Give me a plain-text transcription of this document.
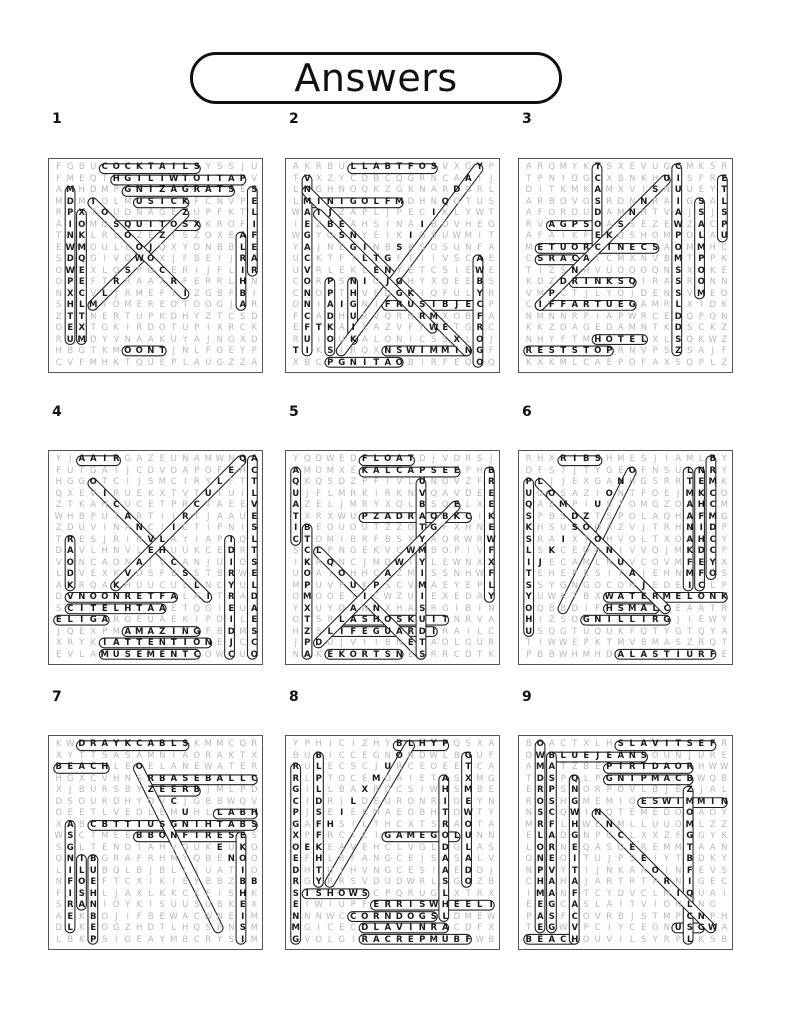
Answers
1
F G B U C O C K T A I L S Y S S J U
F M E Q T H G I L I W T O I T A P V
A M H D M P G N I Z A G R A T S E S
M D M I O L M U S I C K F C N V P E
R P X T O U D N A G E Z U P F K T L
A I O M O S Q U I T O S X K R O F I
T N K L R L O Z E Z I S Z O X E A F
E W M O U L L O J Q X Y D N B B L E
S D Q G I V O W O X J F B E I	J R A
O W E X L Q S P O C E R I	J F L I R
O P E F T R R A A X R F E R R L H N
N X C V L J R M E F T I Z G B F B I
S H L M T O M E R E O T O O G J A R
Z T T N E R T U P K D H Y Z T C S D
O E X T G K I R D O T U P I X R C K
R U M D Y V N A A K U Y A J N G X D
H B G T K M O O N T J N L F O E Y P
C V F M H K T Q U E P L A U G Z Z A
2
A K R B U L L A B T F O S V X G Y P
T V X Z Y C D B C Q G R N C A A I	J
L N G H N O Q K Z G K N A R D G R L
L M I N I G O L F M D H N Q O T U S
W A I J Z A P L J P E C I K L Y W T
I E Z B E A H S I N A I B O V H E G
W G Y O S N Y E I K I G S U W M I T
Y A J N E G I N B S K S O S U N F A
U C K T F I L T G F T I	I V S C A E
U V R L E K L E N Y E T C S I E W E
C O R P S N I O J G H Y X O E E B S
C N O P T H V F D G K I Q F U L Y R
O N I A I G N I F R U S I B J E C P
F C A D H U R V Q R H R M X O B F A
E F T K A I X A Z V F P W E T G R C
R U I O U K A L O N I C S S X L O J
T I K S I R Q X N S W I M M I N G F
X B C P G N I T A O B I R F E Q O Q
3
A R Q M Y K T S X E V U G C M K S R
T P N I D G C X B N K H U I S F R E
D I T K M K A M X V I S N U U E Y T
A R B O V O S R D N N R A I G S A L
A F O R D U D A M N H T V A J S J S
R V A G P S O A S S E Z E W Z A C P
A F A I K F E K Q S H O M P O L A U
M E T U O R C I N E C S A O M M H C
C S R A C A T C M X N V B M T P P K
T I Z S N H V U O Q O Q N S X O K E
K D Z D R I N K S Q I R A S R O N N
V M P C T J L Y O J D E N S V M E O
C I F F A R T U E G A M R L X I D K
N M N N R P I A P W R C E D Q P Q N
K K Z O A G E D A M N T K D S C K Z
N H Y F T M H O T E L X L S Q K W Z
R E S T S T O P R N V P S Z S A J F
K X K M L C A E P O F A X S Q P L Z
4
Y J A A I R G A Z E U N A M W N Q A
F U T G A I	J C D V O A P O F E H C
H G G O T C I	J S M C I R Y L F T T
Q X E V I R U E K X T V T U T U I L
Z T K A H C U C E T P R C T A E E V
W H B P U T A R T I	I R T J A A U E
Z D U V I N A N C I	I C T I P N I S
T R E S J R I N V L A Y I A P I Q L
D A V L H N V L E H U U K C E D R T
V O N C A O N A J V C A N J U I O S
L D V E X K V D S F E S S T B R W E
A K R Q A K H U U C U L L N C Y U L
D V N O O N R E T F A L A I T R A D
S C I T E L H T A A E T Q G I E U A
E L I G A R O E U A E K I P D I L E
J Q E X P M A M A Z I N G F B D M S
X R Y K I A T T E N T I O N E J C C
E V L A M U S E M E N T C O W C U O
5
Y Q D W E D F L O A T D J V D R S J
A M O M X E K A L C A P S E E P H B
Q K Q S D Z P F I V L U N O V Z F R
U J F L M R K I R K N V Q A V D E E
A Z E L J M R Y X Q L B S O E L X E
T X R X W U P Z A D R A O B K C I K
I B E O U O U T Z Z O T G F X H N E
C T O M I B R F B S X Y A Q R W R W
S C L P N G E K V C W M B O P I V F
I K R Q N C J M D W I Y L E W N X X
U O A I O H H C A Z M I S S N H W F
M P U V P U K P S C V M A E Y E P L
O M O O E I	I C W Z U I E X E D A Y
Y X U Y D A W N X H A S R G I B I N
O T S P L A S H O S K U I T N R V A
H Z S L I F E G U A R D I R A I L C
J P D U J V I	I B N E T A O L G U R
N A K E K O R T S N E S R R C D T K
6
R H X R I B S H M E S J	I A M L B Y
D F S T J T Y G E O F N S U L N R Y
P L J	J E X G A N H G S R R T E M K
U O O S A Z I O N T F O E J M K C O
Q A E M P I U S T O M G Z O A H C M
S P B S D Z T S P O L A Q H A F M G
K H S U S O O A Z V J T R H N I D P
S R A I X T O H V O L T X O A H C Y
L S K C E O R N I V V Q J M K D C P
I J E C A M L R U V C O V M F E Y X
T E H E P E S I T A J E H N M F O S
S S Y G N G O C O H J E D E I C L P
Y U W K T B X W A T E R M E L O N K
O Q B B D I F H S M A L C E A A T R
H I Z S O G N I L L I R G J	I E W Y
U S Q G T U Q U K F Q T Y G T Q Y A
T I W W E P K T M V B M A S Z R Q T
P B B W H M H D A L A S T I U R F E
7
K W D R A Y K C A B L S K M M C Q R
X Y T T S A S A M N I A O R A K T X
B E A C H L E O E L A N E W A T E R
H G X C V H N S R B A S E B A L L C
X J B U R S B Y Z E E R B J M L P D
D S O U R D H Y O V C J G B B W Q V
O E E T L V E D L E M U H L L A B H
X A B C B T T I U S G N I H T A B S
W S C T M E E B B O N F I R E S E S
S G L T E N O I A H V Q U K E U K O
Q N I B G R A F R H M Y Q B E N O O
L I L U B Q L B J B L L I U A T I O
N F O E F T C X I K I E Y B B Z B B
F I S H L J A X L K K C K F I S H K
S R A N I O Y K I S U U S U B K E X
A E K B O J	I F B E W A C W N E I M
D L K E O G Z H D T L H Q S P N S M
L B K P S I G E A Y M B C R Y S I M
8
Y P H I C I Z H Y B L H Y P Q S X A
B U B I C C E G N O N D W L B G U F
R U L E C S C J U R C E O E E T C A
R L P T O C E M O A I E T A S X M G
G I L L B A X R D C S I W H S M B E
C I D R J L D E U R O N R I O E Y N
P J S E I E K M A E O B H T O W T Y
G A F H S I L T H C X T S R A O T A
X P F R C I C I G A M E G O L U N N
O E K E A V E H C L V G L D G L A S
E F H L R F A N G C E J S A S A L V
D H T U J H V N G C E S I A E D D J
R G Y R R S V D U D W R L S G O Z B
S I S H O W S C P Q R U G L X T R X
E I W I U P F E R R I S W H E E L I
N N N W C C O R N D O G S L D M E W
M G I C E C D L A V I N R A C D F X
G V O L G I R A C R E P M U B F W B
9
B O A C T X L H S L A V I T S E F R
O W B L U E J E A N S O U N J U R E
A M A T Z B E P I R T D A O R H W W
T D S P Q L P G N I P M A C B W Q B
E R P S N O R P O V L B J E Z J A L
R O S H G M E M I O E S W I M M I N
N S C Q W I N Q T E M E D O O A O Y
M R F L H W E N M L L U U O M L Z Z
E L A D G N P C C L X X Z F G G Y K
L O R N E Q A S Q E R E M M T A A N
O N E O I T U J P S E I Y T B D K Y
N P V Y T I	J N K A A O I N F E V S
C H A H A J A R T R T P R N I G E C
I M A N F T C Y D V C L M I Q U A I
E E G C A S L A I T V I O N L N G
P A S F C O V R B J S T M P C N P H
T E G W V P C I Y C E G N U S G W A
B E A C H O U V I L S Y R P L K S B
